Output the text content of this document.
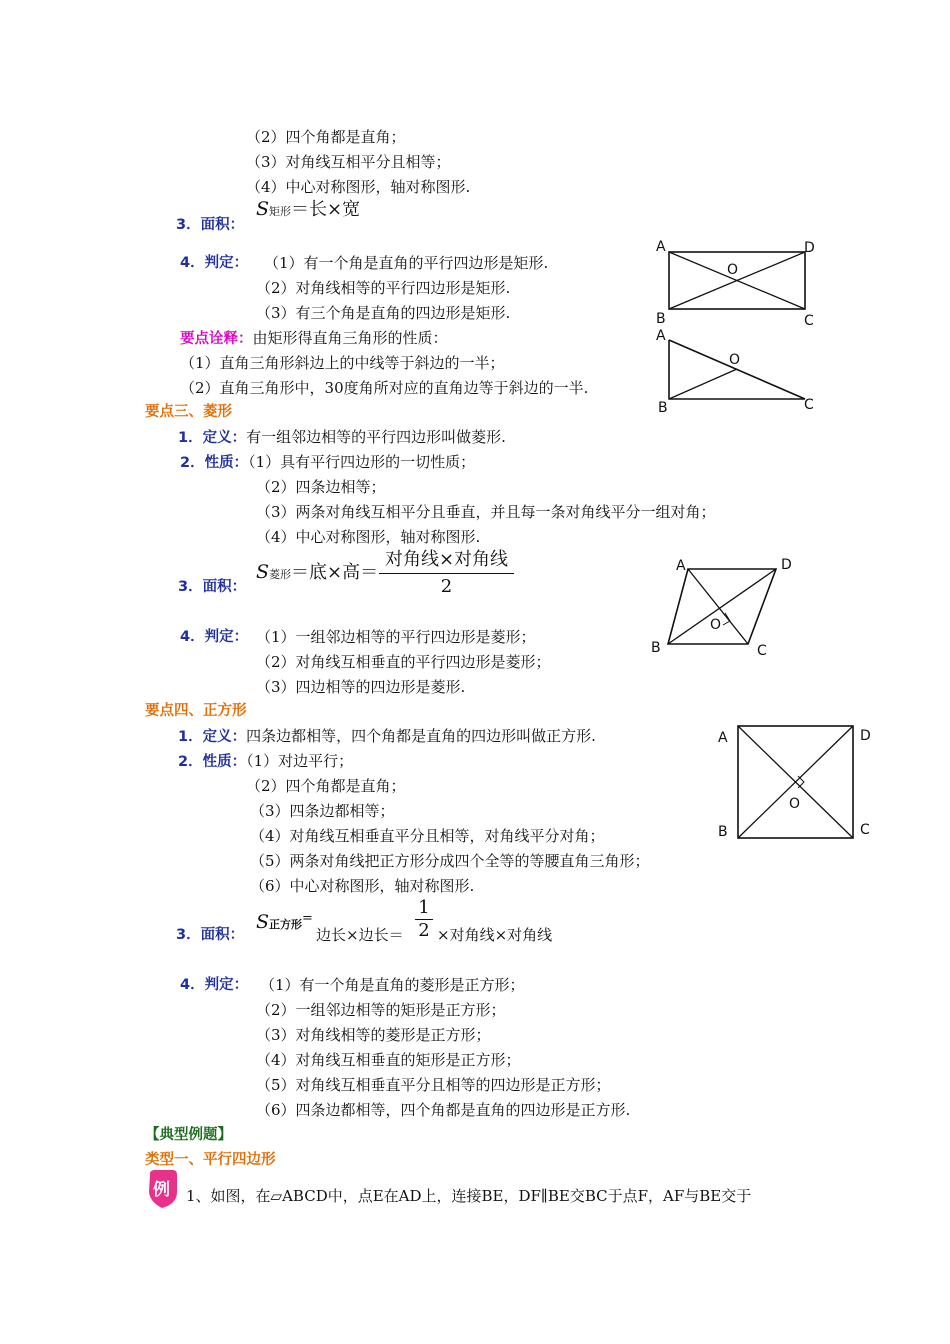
（2）四个角都是直角；
（3）对角线互相平分且相等；
（4）中心对称图形，轴对称图形.
3．面积：
S矩形＝长×宽
4．判定： （1）有一个角是直角的平行四边形是矩形.
（2）对角线相等的平行四边形是矩形.
（3）有三个角是直角的四边形是矩形.
要点诠释：由矩形得直角三角形的性质：
（1）直角三角形斜边上的中线等于斜边的一半；
（2）直角三角形中，30度角所对应的直角边等于斜边的一半.
A	D
B	C
O
A
B	C
O
要点三、菱形
1．定义：有一组邻边相等的平行四边形叫做菱形.
2．性质：（1）具有平行四边形的一切性质；
（2）四条边相等；
（3）两条对角线互相平分且垂直，并且每一条对角线平分一组对角；
（4）中心对称图形，轴对称图形.
3．面积：
S菱形＝底×高＝
对角线×对角线
2
4．判定： （1）一组邻边相等的平行四边形是菱形；
（2）对角线互相垂直的平行四边形是菱形；
（3）四边相等的四边形是菱形.
A	D
B	C
O
要点四、正方形
1．定义：四条边都相等，四个角都是直角的四边形叫做正方形.
2．性质：（1）对边平行；
（2）四个角都是直角；
（3）四条边都相等；
（4）对角线互相垂直平分且相等，对角线平分对角；
（5）两条对角线把正方形分成四个全等的等腰直角三角形；
（6）中心对称图形，轴对称图形.
3．面积：
S正方形=
边长×边长＝
1
2 ×对角线×对角线
4．判定： （1）有一个角是直角的菱形是正方形；
（2）一组邻边相等的矩形是正方形；
（3）对角线相等的菱形是正方形；
（4）对角线互相垂直的矩形是正方形；
（5）对角线互相垂直平分且相等的四边形是正方形；
（6）四条边都相等，四个角都是直角的四边形是正方形.
A	D
B	C
O
【典型例题】
类型一、平行四边形
例 1、如图，在▱ABCD中，点E在AD上，连接BE，DF∥BE交BC于点F，AF与BE交于
